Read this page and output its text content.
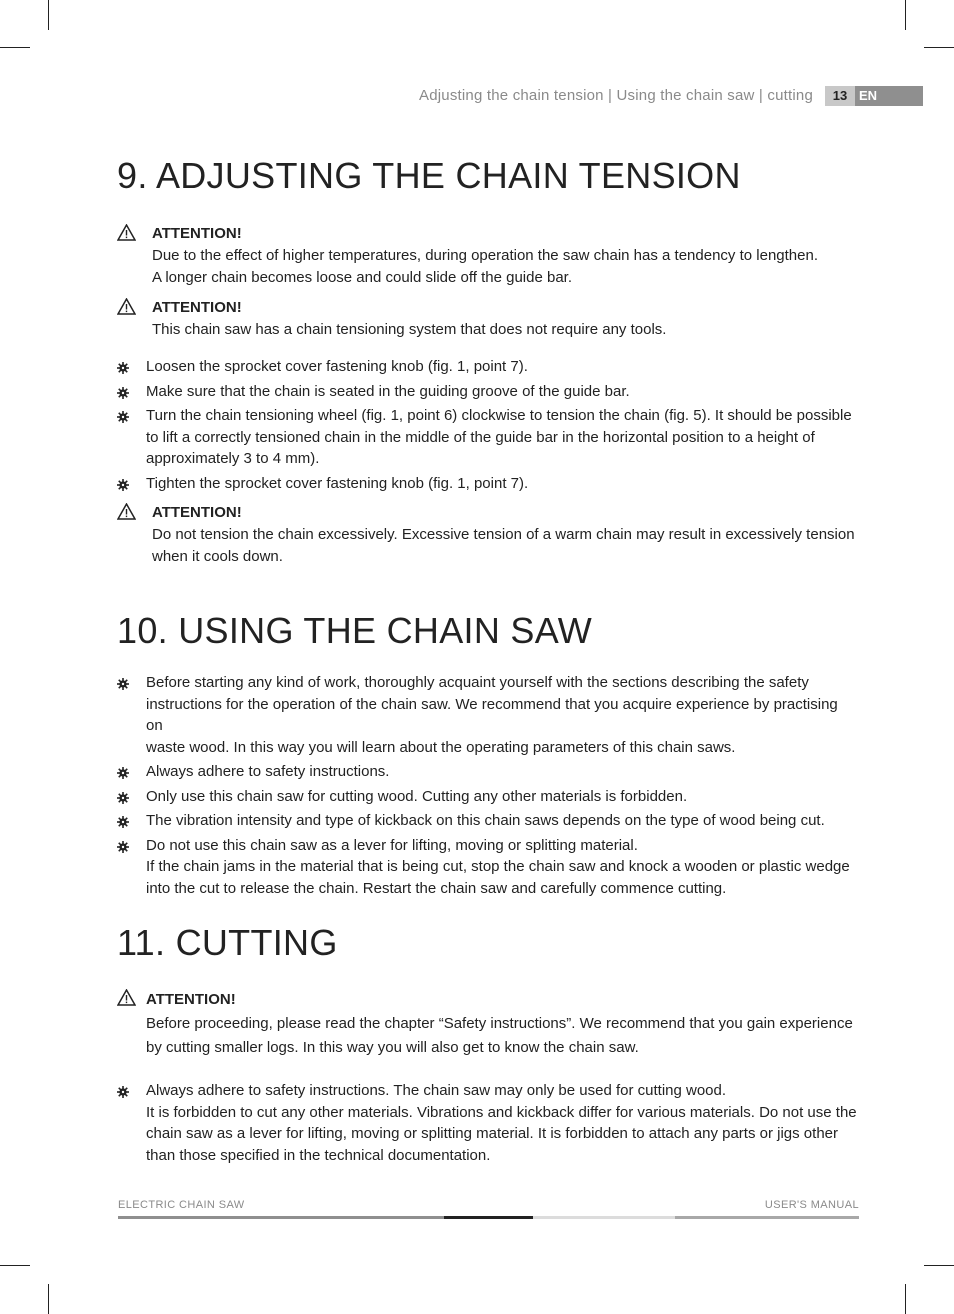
Adjusting the chain tension | Using the chain saw | cutting	13 EN
9. ADJUSTING THE CHAIN TENSION
ATTENTION!
Due to the effect of higher temperatures, during operation the saw chain has a tendency to lengthen.
A longer chain becomes loose and could slide off the guide bar.
ATTENTION!
This chain saw has a chain tensioning system that does not require any tools.
Loosen the sprocket cover fastening knob (fig. 1, point 7).
Make sure that the chain is seated in the guiding groove of the guide bar.
Turn the chain tensioning wheel (fig. 1, point 6) clockwise to tension the chain (fig. 5). It should be possible
to lift a correctly tensioned chain in the middle of the guide bar in the horizontal position to a height of
approximately 3 to 4 mm).
Tighten the sprocket cover fastening knob (fig. 1, point 7).
ATTENTION!
Do not tension the chain excessively. Excessive tension of a warm chain may result in excessively tension
when it cools down.
10. USING THE CHAIN SAW
Before starting any kind of work, thoroughly acquaint yourself with the sections describing the safety
instructions for the operation of the chain saw. We recommend that you acquire experience by practising on
waste wood. In this way you will learn about the operating parameters of this chain saws.
Always adhere to safety instructions.
Only use this chain saw for cutting wood. Cutting any other materials is forbidden.
The vibration intensity and type of kickback on this chain saws depends on the type of wood being cut.
Do not use this chain saw as a lever for lifting, moving or splitting material.
If the chain jams in the material that is being cut, stop the chain saw and knock a wooden or plastic wedge
into the cut to release the chain. Restart the chain saw and carefully commence cutting.
11. CUTTING
ATTENTION!
Before proceeding, please read the chapter “Safety instructions”. We recommend that you gain experience
by cutting smaller logs. In this way you will also get to know the chain saw.
Always adhere to safety instructions. The chain saw may only be used for cutting wood.
It is forbidden to cut any other materials. Vibrations and kickback differ for various materials. Do not use the
chain saw as a lever for lifting, moving or splitting material. It is forbidden to attach any parts or jigs other
than those specified in the technical documentation.
ELECTRIC CHAIN SAW	USER'S MANUAL
